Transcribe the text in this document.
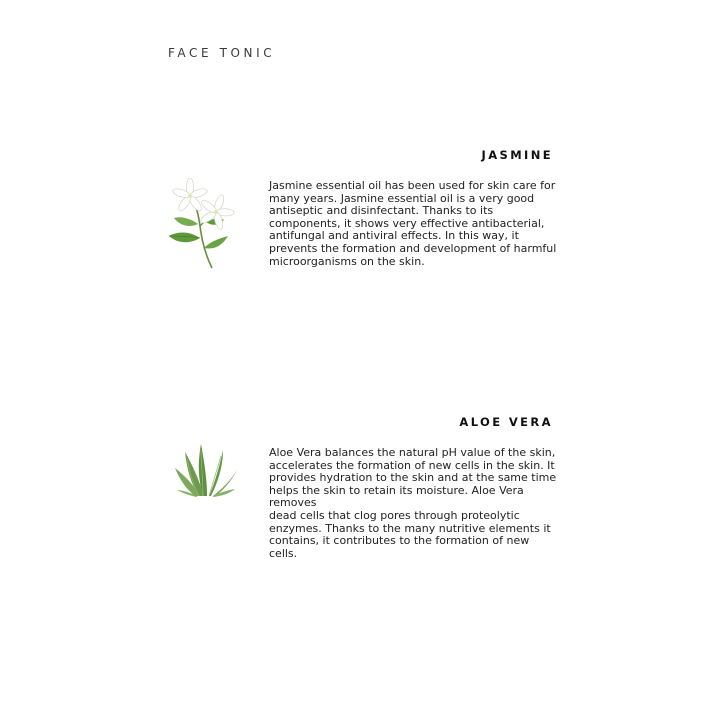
FACE TONIC
JASMINE
Jasmine essential oil has been used for skin care for
many years. Jasmine essential oil is a very good
antiseptic and disinfectant. Thanks to its
components, it shows very effective antibacterial,
antifungal and antiviral effects. In this way, it
prevents the formation and development of harmful
microorganisms on the skin.
ALOE VERA
Aloe Vera balances the natural pH value of the skin,
accelerates the formation of new cells in the skin. It
provides hydration to the skin and at the same time
helps the skin to retain its moisture. Aloe Vera removes
dead cells that clog pores through proteolytic
enzymes. Thanks to the many nutritive elements it
contains, it contributes to the formation of new cells.
